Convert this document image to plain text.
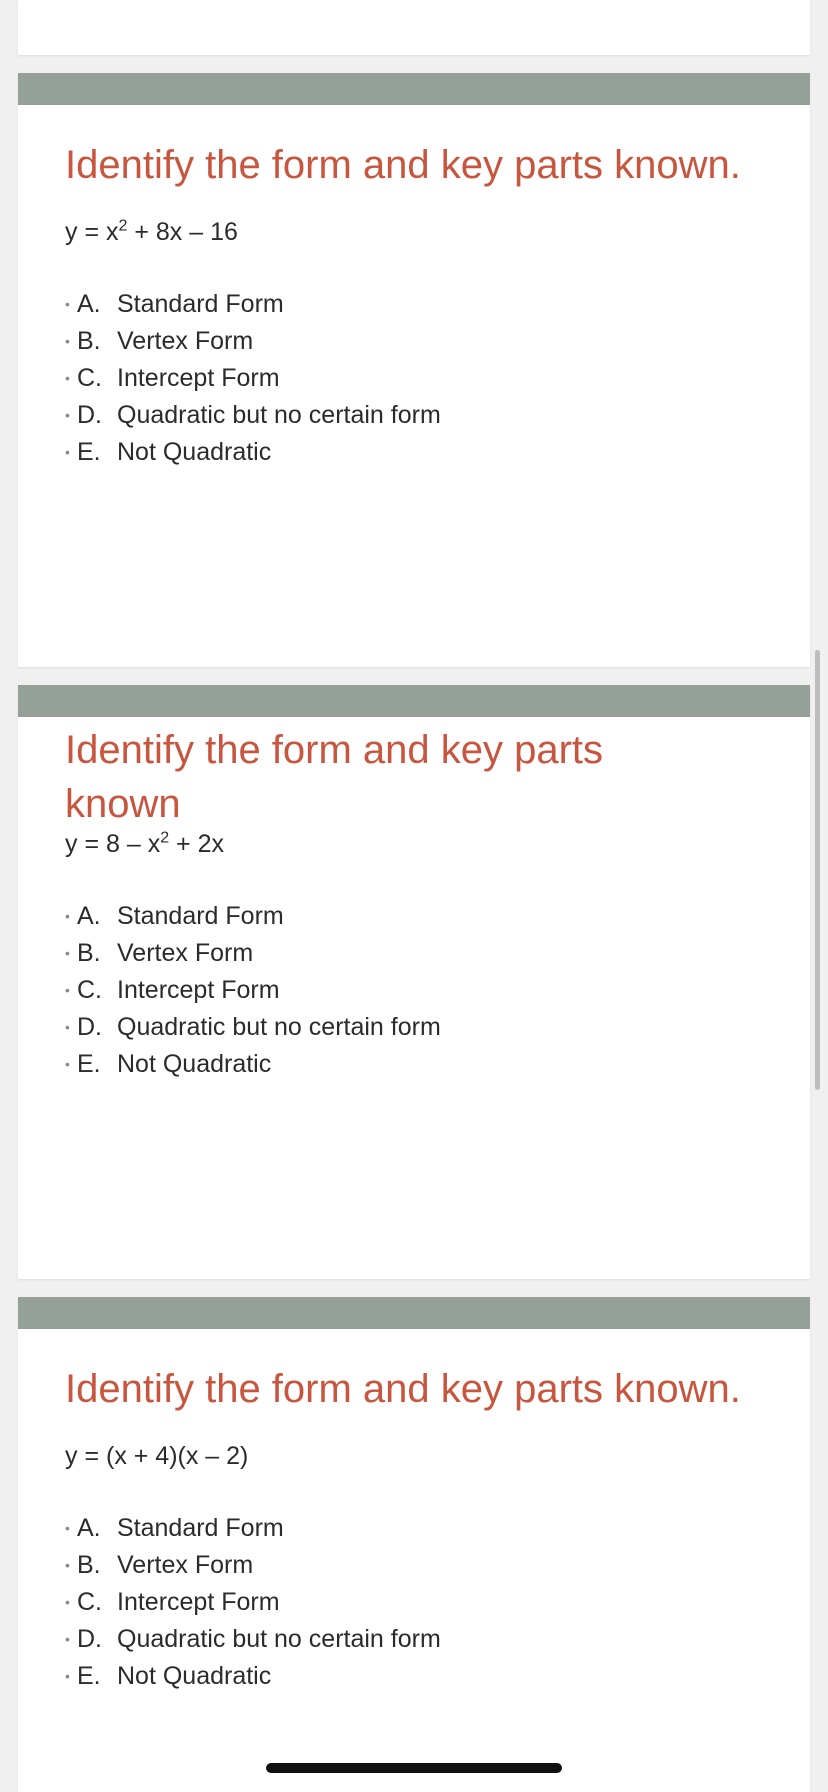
Identify the form and key parts known.
$y = x^2 + 8x - 16$
• A. Standard Form
• B. Vertex Form
• C. Intercept Form
• D. Quadratic but no certain form
• E. Not Quadratic
Identify the form and key parts known
$y = 8 - x^2 + 2x$
• A. Standard Form
• B. Vertex Form
• C. Intercept Form
• D. Quadratic but no certain form
• E. Not Quadratic
Identify the form and key parts known.
y = (x + 4)(x – 2)
• A. Standard Form
• B. Vertex Form
• C. Intercept Form
• D. Quadratic but no certain form
• E. Not Quadratic
